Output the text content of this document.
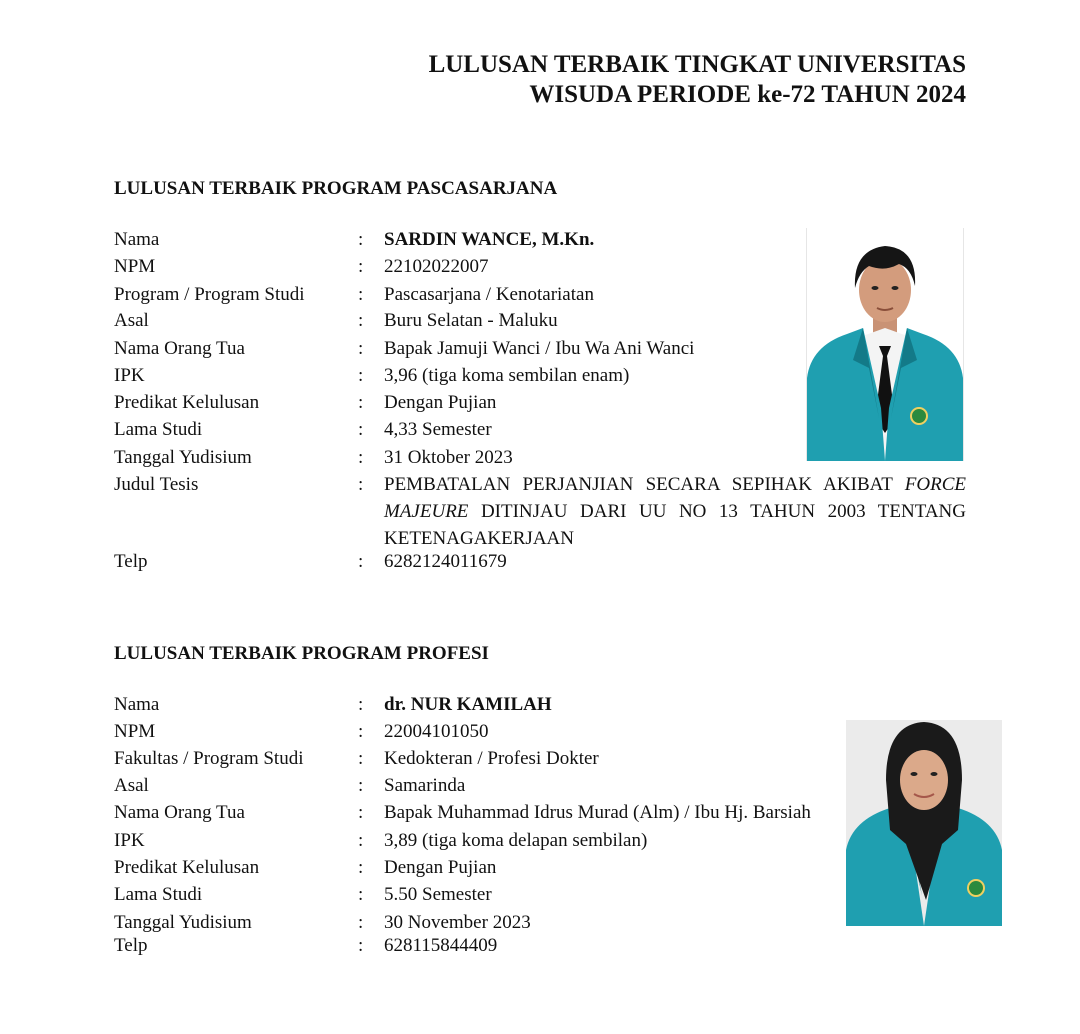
LULUSAN TERBAIK TINGKAT UNIVERSITAS
WISUDA PERIODE ke-72 TAHUN 2024
LULUSAN TERBAIK PROGRAM PASCASARJANA
Nama	: SARDIN WANCE, M.Kn.
NPM	: 22102022007
Program / Program Studi	: Pascasarjana / Kenotariatan
Asal	: Buru Selatan - Maluku
Nama Orang Tua	: Bapak Jamuji Wanci / Ibu Wa Ani Wanci
IPK	: 3,96 (tiga koma sembilan enam)
Predikat Kelulusan	: Dengan Pujian
Lama Studi	: 4,33 Semester
Tanggal Yudisium	: 31 Oktober 2023
Judul Tesis	: PEMBATALAN PERJANJIAN SECARA SEPIHAK AKIBAT FORCE MAJEURE DITINJAU DARI UU NO 13 TAHUN 2003 TENTANG KETENAGAKERJAAN
Telp	: 6282124011679
LULUSAN TERBAIK PROGRAM PROFESI
Nama	: dr. NUR KAMILAH
NPM	: 22004101050
Fakultas / Program Studi	: Kedokteran / Profesi Dokter
Asal	: Samarinda
Nama Orang Tua	: Bapak Muhammad Idrus Murad (Alm) / Ibu Hj. Barsiah
IPK	: 3,89 (tiga koma delapan sembilan)
Predikat Kelulusan	: Dengan Pujian
Lama Studi	: 5.50 Semester
Tanggal Yudisium	: 30 November 2023
Telp	: 628115844409
